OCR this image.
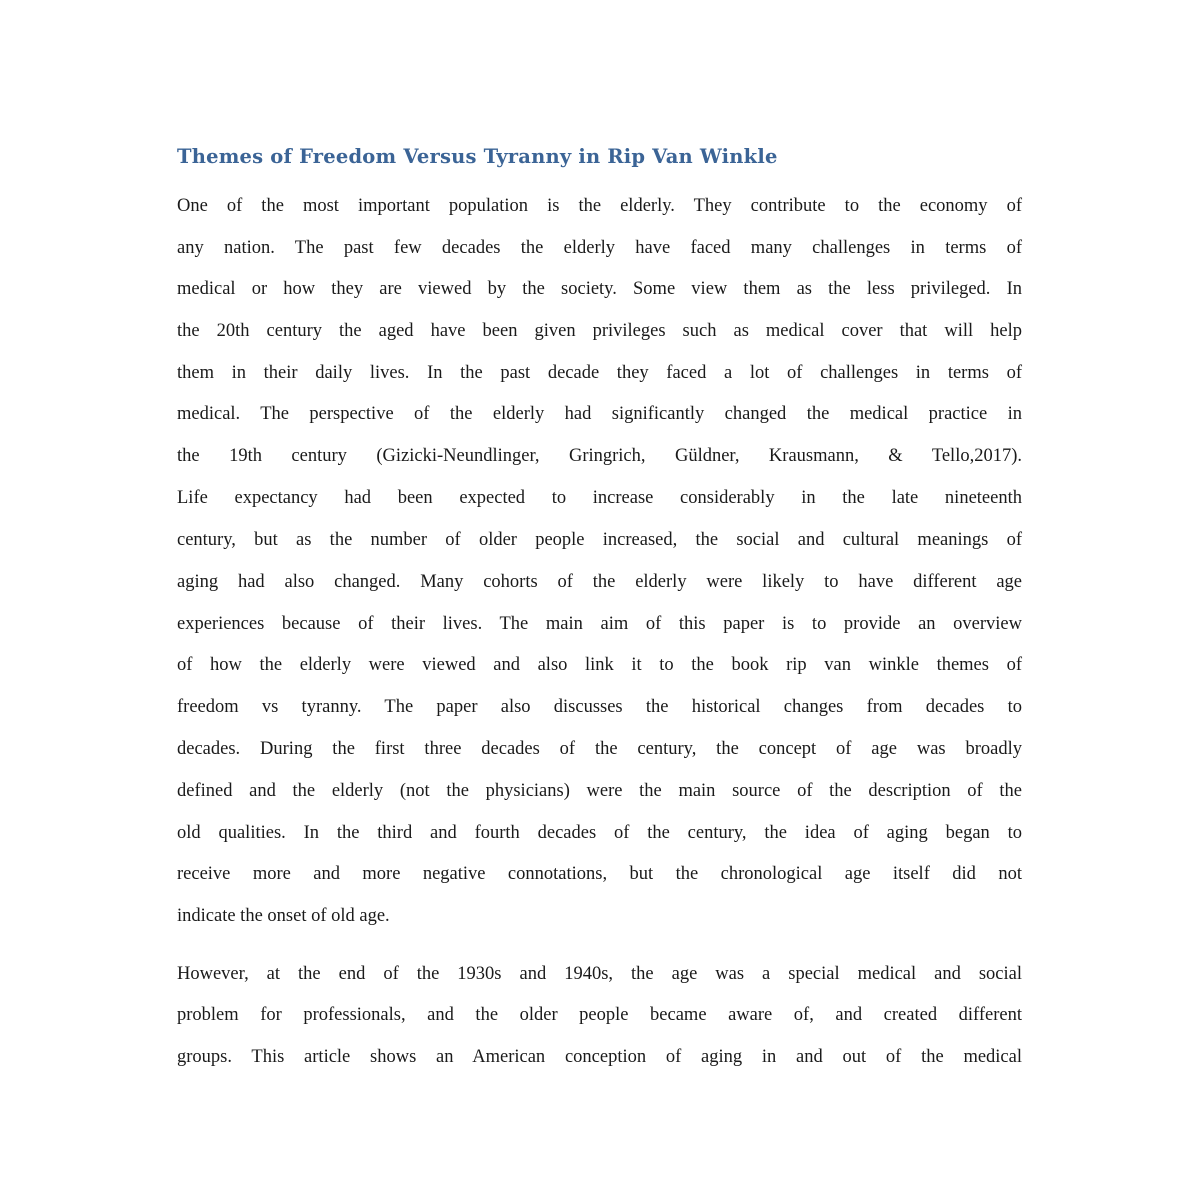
Themes of Freedom Versus Tyranny in Rip Van Winkle

One of the most important population is the elderly. They contribute to the economy of

any nation. The past few decades the elderly have faced many challenges in terms of

medical or how they are viewed by the society. Some view them as the less privileged. In

the 20th century the aged have been given privileges such as medical cover that will help

them in their daily lives. In the past decade they faced a lot of challenges in terms of

medical. The perspective of the elderly had significantly changed the medical practice in

the 19th century (Gizicki-Neundlinger, Gringrich, Güldner, Krausmann, & Tello,2017).

Life expectancy had been expected to increase considerably in the late nineteenth

century, but as the number of older people increased, the social and cultural meanings of

aging had also changed. Many cohorts of the elderly were likely to have different age

experiences because of their lives. The main aim of this paper is to provide an overview

of how the elderly were viewed and also link it to the book rip van winkle themes of

freedom vs tyranny. The paper also discusses the historical changes from decades to

decades. During the first three decades of the century, the concept of age was broadly

defined and the elderly (not the physicians) were the main source of the description of the

old qualities. In the third and fourth decades of the century, the idea of aging began to

receive more and more negative connotations, but the chronological age itself did not

indicate the onset of old age.

However, at the end of the 1930s and 1940s, the age was a special medical and social

problem for professionals, and the older people became aware of, and created different

groups. This article shows an American conception of aging in and out of the medical
